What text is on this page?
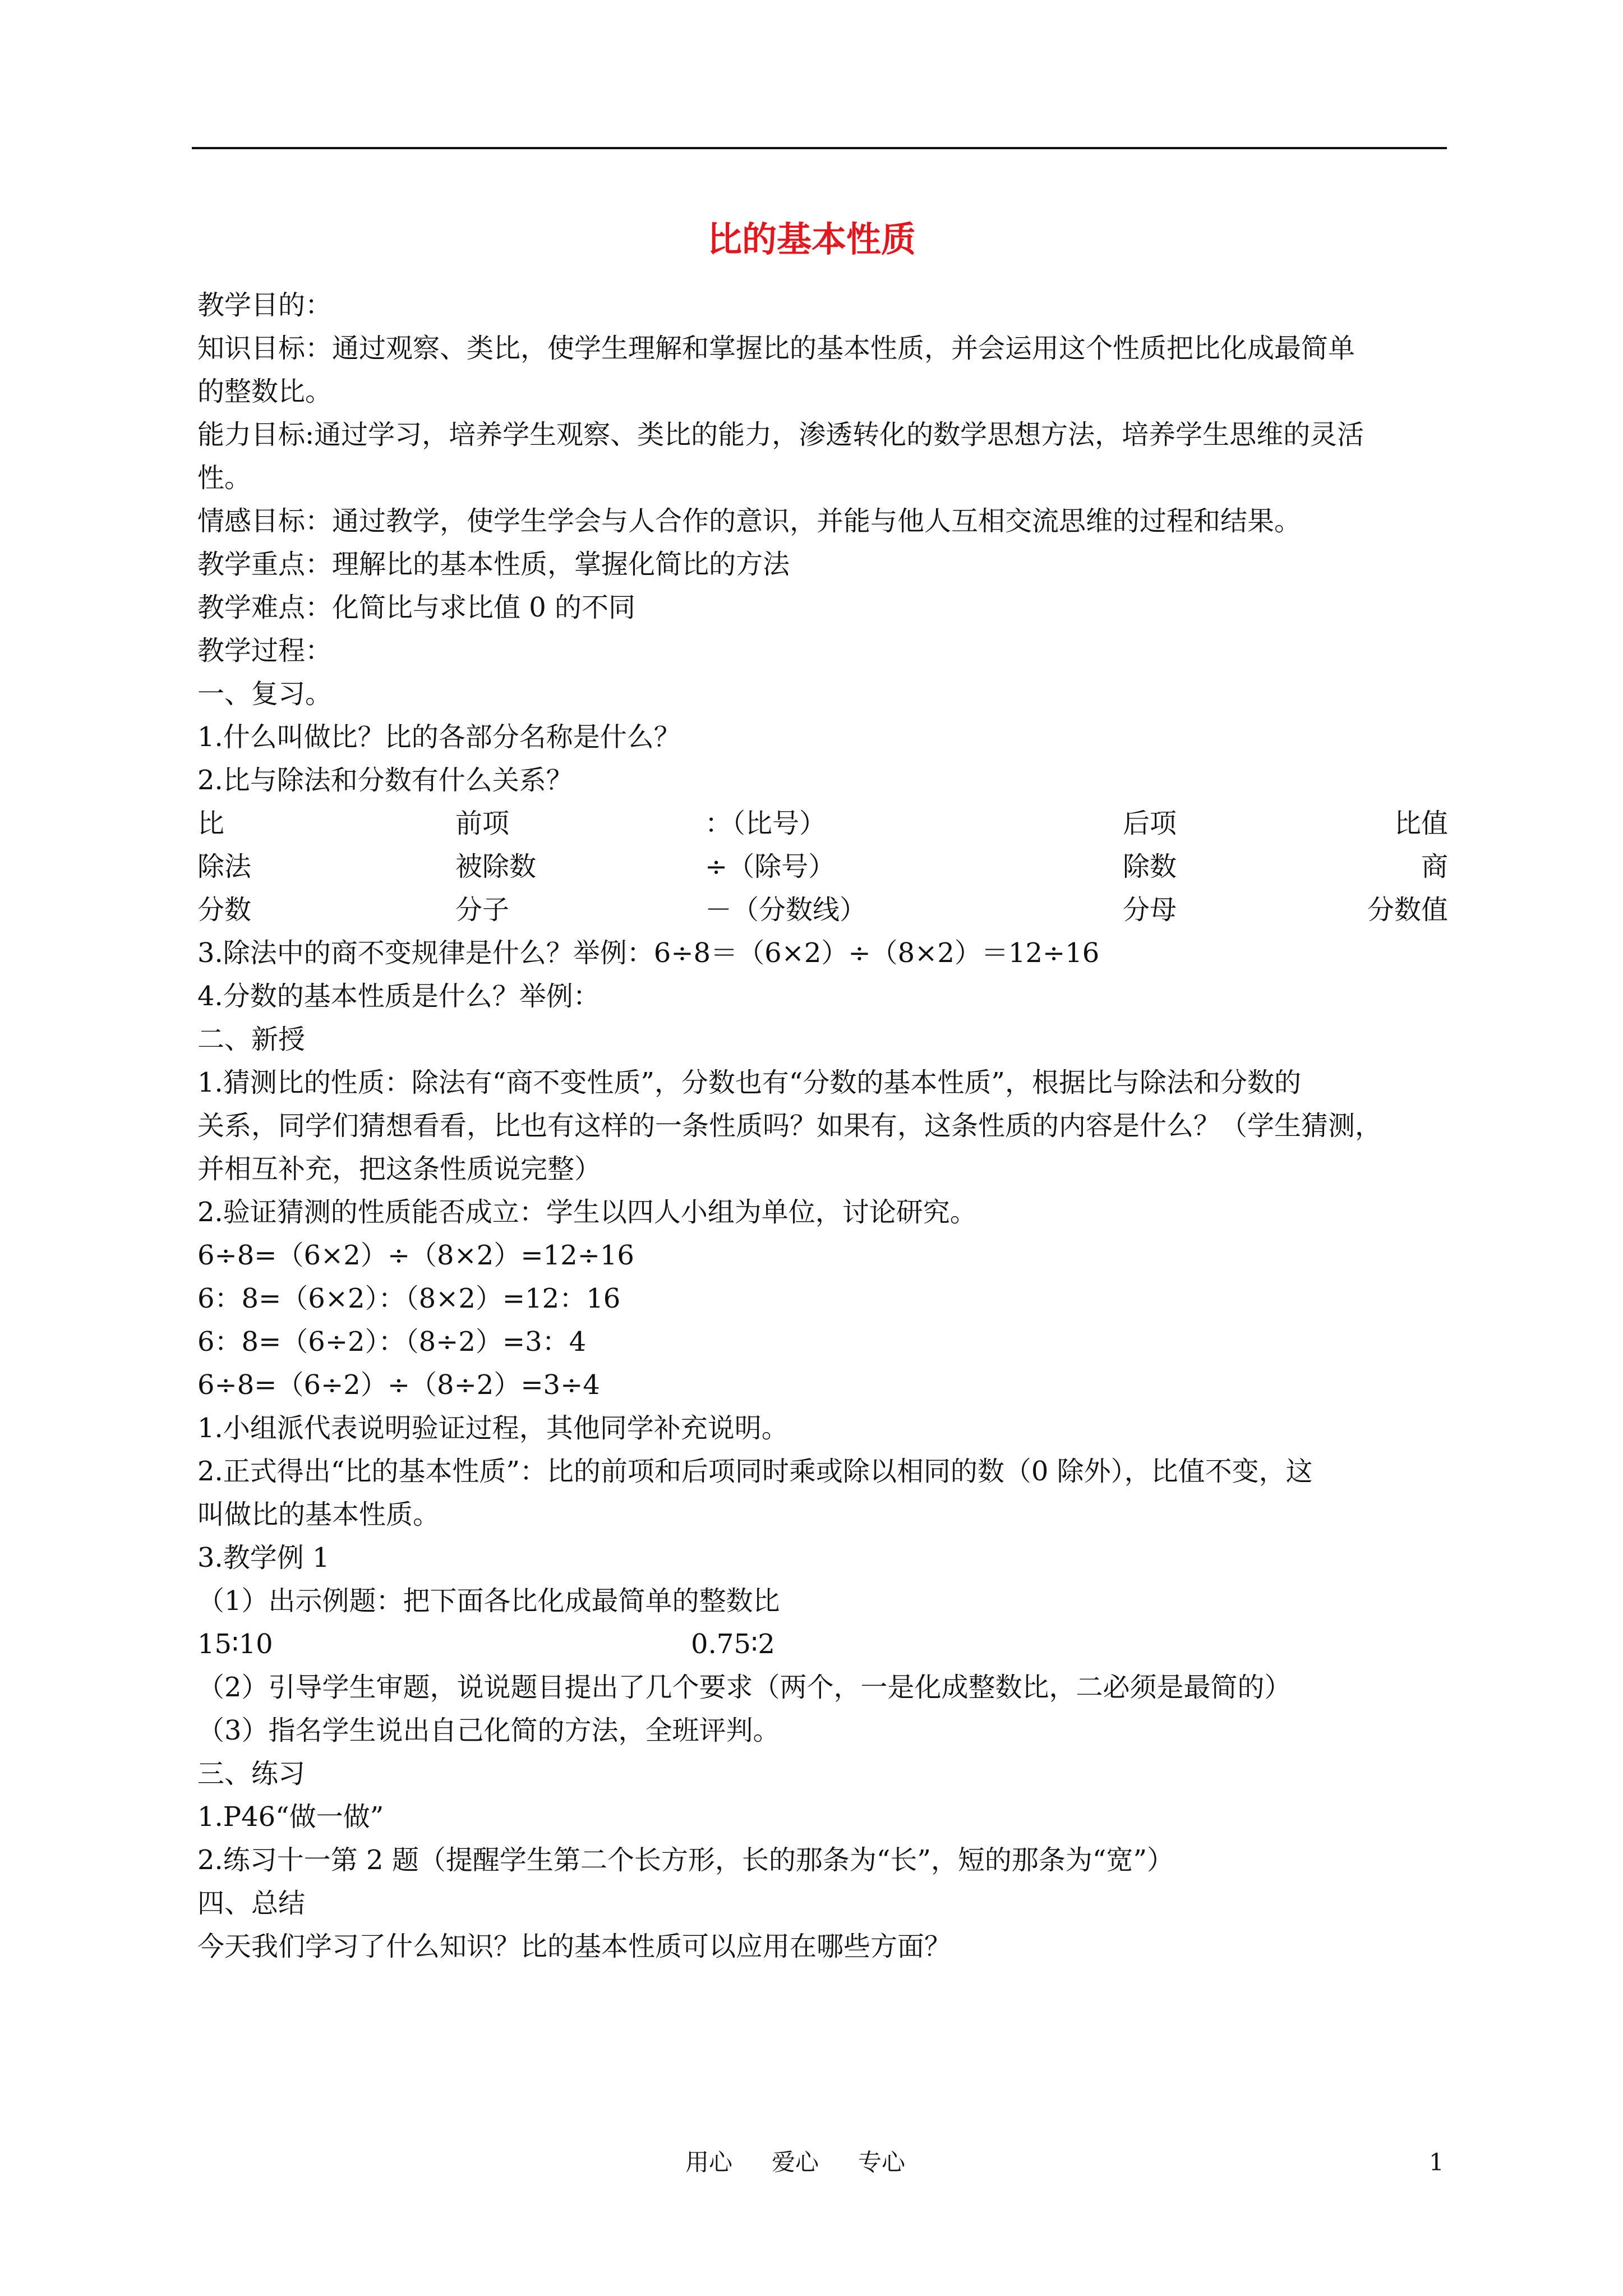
比的基本性质
教学目的：
知识目标：通过观察、类比，使学生理解和掌握比的基本性质，并会运用这个性质把比化成最简单
的整数比。
能力目标:通过学习，培养学生观察、类比的能力，渗透转化的数学思想方法，培养学生思维的灵活
性。
情感目标：通过教学，使学生学会与人合作的意识，并能与他人互相交流思维的过程和结果。
教学重点：理解比的基本性质，掌握化简比的方法
教学难点：化简比与求比值 0 的不同
教学过程：
一、复习。
1.什么叫做比？比的各部分名称是什么？
2.比与除法和分数有什么关系？
比	前项	：（比号）	后项	比值
除法	被除数	÷（除号）	除数	商
分数	分子	－（分数线）	分母	分数值
3.除法中的商不变规律是什么？举例：6÷8＝（6×2）÷（8×2）＝12÷16
4.分数的基本性质是什么？举例：
二、新授
1.猜测比的性质：除法有“商不变性质”，分数也有“分数的基本性质”，根据比与除法和分数的
关系，同学们猜想看看，比也有这样的一条性质吗？如果有，这条性质的内容是什么？（学生猜测，
并相互补充，把这条性质说完整）
2.验证猜测的性质能否成立：学生以四人小组为单位，讨论研究。
6÷8=（6×2）÷（8×2）=12÷16
6：8=（6×2）：（8×2）=12：16
6：8=（6÷2）：（8÷2）=3：4
6÷8=（6÷2）÷（8÷2）=3÷4
1.小组派代表说明验证过程，其他同学补充说明。
2.正式得出“比的基本性质”：比的前项和后项同时乘或除以相同的数（0 除外），比值不变，这
叫做比的基本性质。
3.教学例 1
（1）出示例题：把下面各比化成最简单的整数比
15∶10	0.75∶2
（2）引导学生审题，说说题目提出了几个要求（两个，一是化成整数比，二必须是最简的）
（3）指名学生说出自己化简的方法，全班评判。
三、练习
1.P46“做一做”
2.练习十一第 2 题（提醒学生第二个长方形，长的那条为“长”，短的那条为“宽”）
四、总结
今天我们学习了什么知识？比的基本性质可以应用在哪些方面？
用心 爱心 专心	1
